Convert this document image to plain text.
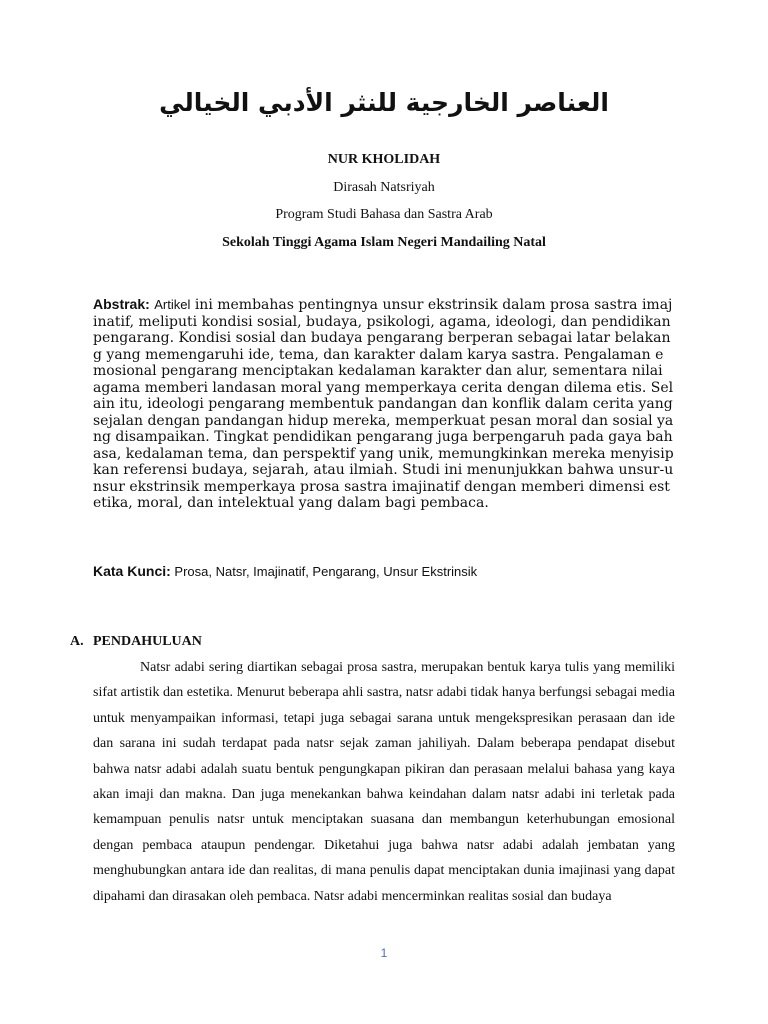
العناصر الخارجية للنثر الأدبي الخيالي
NUR KHOLIDAH
Dirasah Natsriyah
Program Studi Bahasa dan Sastra Arab
Sekolah Tinggi Agama Islam Negeri Mandailing Natal
Abstrak: Artikel ini membahas pentingnya unsur ekstrinsik dalam prosa sastra imajinatif, meliputi kondisi sosial, budaya, psikologi, agama, ideologi, dan pendidikan pengarang. Kondisi sosial dan budaya pengarang berperan sebagai latar belakang yang memengaruhi ide, tema, dan karakter dalam karya sastra. Pengalaman emosional pengarang menciptakan kedalaman karakter dan alur, sementara nilai agama memberi landasan moral yang memperkaya cerita dengan dilema etis. Selain itu, ideologi pengarang membentuk pandangan dan konflik dalam cerita yang sejalan dengan pandangan hidup mereka, memperkuat pesan moral dan sosial yang disampaikan. Tingkat pendidikan pengarang juga berpengaruh pada gaya bahasa, kedalaman tema, dan perspektif yang unik, memungkinkan mereka menyisipkan referensi budaya, sejarah, atau ilmiah. Studi ini menunjukkan bahwa unsur-unsur ekstrinsik memperkaya prosa sastra imajinatif dengan memberi dimensi estetika, moral, dan intelektual yang dalam bagi pembaca.
Kata Kunci: Prosa, Natsr, Imajinatif, Pengarang, Unsur Ekstrinsik
A. PENDAHULUAN
Natsr adabi sering diartikan sebagai prosa sastra, merupakan bentuk karya tulis yang memiliki sifat artistik dan estetika. Menurut beberapa ahli sastra, natsr adabi tidak hanya berfungsi sebagai media untuk menyampaikan informasi, tetapi juga sebagai sarana untuk mengekspresikan perasaan dan ide dan sarana ini sudah terdapat pada natsr sejak zaman jahiliyah. Dalam beberapa pendapat disebut bahwa natsr adabi adalah suatu bentuk pengungkapan pikiran dan perasaan melalui bahasa yang kaya akan imaji dan makna. Dan juga menekankan bahwa keindahan dalam natsr adabi ini terletak pada kemampuan penulis natsr untuk menciptakan suasana dan membangun keterhubungan emosional dengan pembaca ataupun pendengar. Diketahui juga bahwa natsr adabi adalah jembatan yang menghubungkan antara ide dan realitas, di mana penulis dapat menciptakan dunia imajinasi yang dapat dipahami dan dirasakan oleh pembaca. Natsr adabi mencerminkan realitas sosial dan budaya
1
